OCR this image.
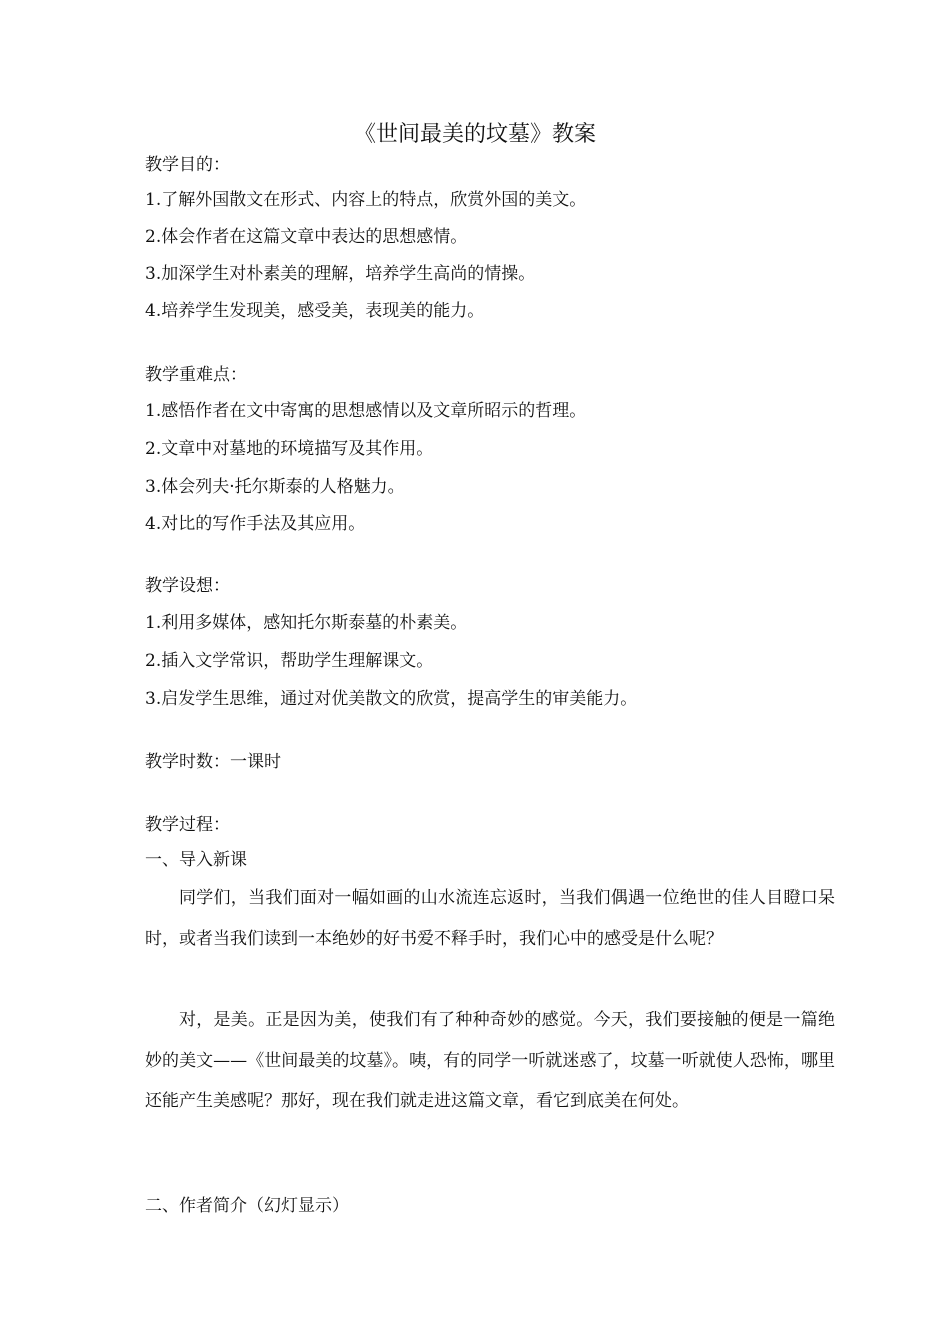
《世间最美的坟墓》教案
教学目的：
1.了解外国散文在形式、内容上的特点，欣赏外国的美文。
2.体会作者在这篇文章中表达的思想感情。
3.加深学生对朴素美的理解，培养学生高尚的情操。
4.培养学生发现美，感受美，表现美的能力。
教学重难点：
1.感悟作者在文中寄寓的思想感情以及文章所昭示的哲理。
2.文章中对墓地的环境描写及其作用。
3.体会列夫·托尔斯泰的人格魅力。
4.对比的写作手法及其应用。
教学设想：
1.利用多媒体，感知托尔斯泰墓的朴素美。
2.插入文学常识，帮助学生理解课文。
3.启发学生思维，通过对优美散文的欣赏，提高学生的审美能力。
教学时数：一课时
教学过程：
一、导入新课
同学们，当我们面对一幅如画的山水流连忘返时，当我们偶遇一位绝世的佳人目瞪口呆时，或者当我们读到一本绝妙的好书爱不释手时，我们心中的感受是什么呢？
对，是美。正是因为美，使我们有了种种奇妙的感觉。今天，我们要接触的便是一篇绝妙的美文——《世间最美的坟墓》。咦，有的同学一听就迷惑了，坟墓一听就使人恐怖，哪里还能产生美感呢？那好，现在我们就走进这篇文章，看它到底美在何处。
二、作者简介（幻灯显示）
